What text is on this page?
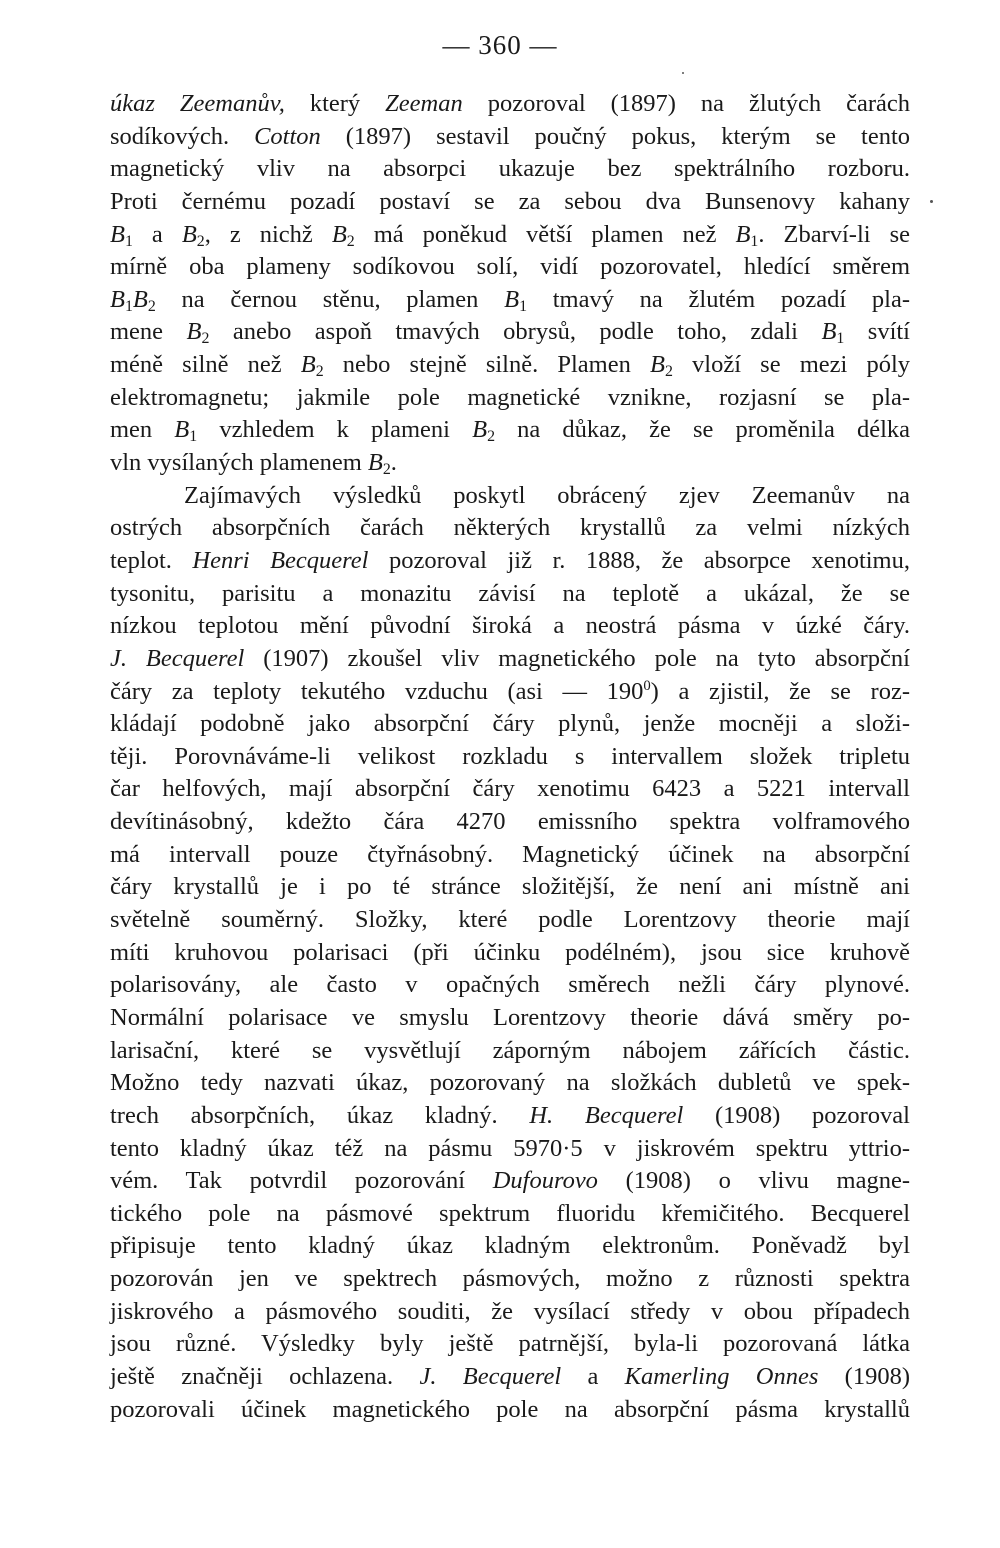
— 360 —
úkaz Zeemanův, který Zeeman pozoroval (1897) na žlutých čarách
sodíkových. Cotton (1897) sestavil poučný pokus, kterým se tento
magnetický vliv na absorpci ukazuje bez spektrálního rozboru.
Proti černému pozadí postaví se za sebou dva Bunsenovy kahany
$B_1$ a $B_2$, z nichž $B_2$ má poněkud větší plamen než $B_1$. Zbarví-li se
mírně oba plameny sodíkovou solí, vidí pozorovatel, hledící směrem
$B_1B_2$ na černou stěnu, plamen $B_1$ tmavý na žlutém pozadí pla-
mene $B_2$ anebo aspoň tmavých obrysů, podle toho, zdali $B_1$ svítí
méně silně než $B_2$ nebo stejně silně. Plamen $B_2$ vloží se mezi póly
elektromagnetu; jakmile pole magnetické vznikne, rozjasní se pla-
men $B_1$ vzhledem k plameni $B_2$ na důkaz, že se proměnila délka
vln vysílaných plamenem $B_2$.
Zajímavých výsledků poskytl obrácený zjev Zeemanův na
ostrých absorpčních čarách některých krystallů za velmi nízkých
teplot. Henri Becquerel pozoroval již r. 1888, že absorpce xenotimu,
tysonitu, parisitu a monazitu závisí na teplotě a ukázal, že se
nízkou teplotou mění původní široká a neostrá pásma v úzké čáry.
J. Becquerel (1907) zkoušel vliv magnetického pole na tyto absorpční
čáry za teploty tekutého vzduchu (asi — $190^0$) a zjistil, že se roz-
kládají podobně jako absorpční čáry plynů, jenže mocněji a složi-
těji. Porovnáváme-li velikost rozkladu s intervallem složek tripletu
čar helfových, mají absorpční čáry xenotimu 6423 a 5221 intervall
devítinásobný, kdežto čára 4270 emissního spektra volframového
má intervall pouze čtyřnásobný. Magnetický účinek na absorpční
čáry krystallů je i po té stránce složitější, že není ani místně ani
světelně souměrný. Složky, které podle Lorentzovy theorie mají
míti kruhovou polarisaci (při účinku podélném), jsou sice kruhově
polarisovány, ale často v opačných směrech nežli čáry plynové.
Normální polarisace ve smyslu Lorentzovy theorie dává směry po-
larisační, které se vysvětlují záporným nábojem zářících částic.
Možno tedy nazvati úkaz, pozorovaný na složkách dubletů ve spek-
trech absorpčních, úkaz kladný. H. Becquerel (1908) pozoroval
tento kladný úkaz též na pásmu 5970·5 v jiskrovém spektru yttrio-
vém. Tak potvrdil pozorování Dufourovo (1908) o vlivu magne-
tického pole na pásmové spektrum fluoridu křemičitého. Becquerel
připisuje tento kladný úkaz kladným elektronům. Poněvadž byl
pozorován jen ve spektrech pásmových, možno z různosti spektra
jiskrového a pásmového souditi, že vysílací středy v obou případech
jsou různé. Výsledky byly ještě patrnější, byla-li pozorovaná látka
ještě značněji ochlazena. J. Becquerel a Kamerling Onnes (1908)
pozorovali účinek magnetického pole na absorpční pásma krystallů
